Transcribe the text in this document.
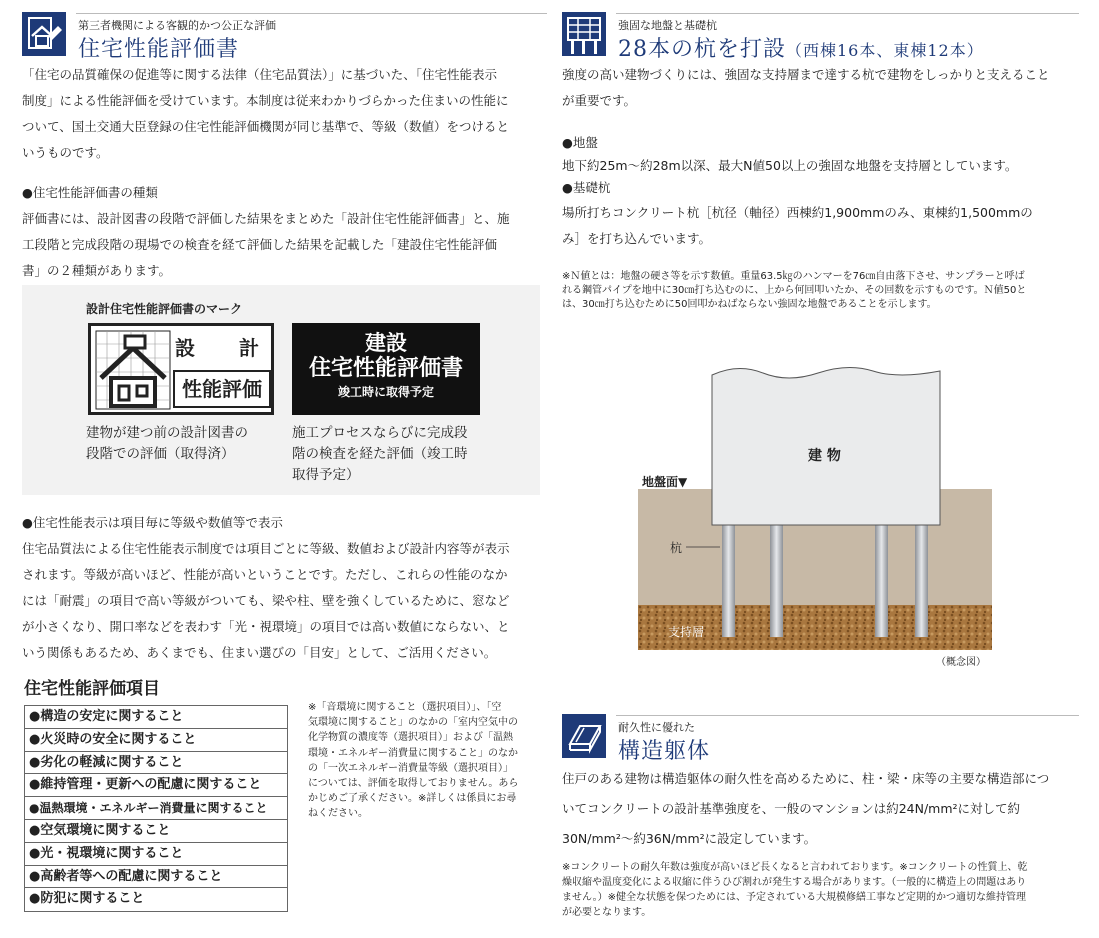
第三者機関による客観的かつ公正な評価
住宅性能評価書
「住宅の品質確保の促進等に関する法律（住宅品質法）」に基づいた、「住宅性能表示
制度」による性能評価を受けています。本制度は従来わかりづらかった住まいの性能に
ついて、国土交通大臣登録の住宅性能評価機関が同じ基準で、等級（数値）をつけると
いうものです。
●住宅性能評価書の種類
評価書には、設計図書の段階で評価した結果をまとめた「設計住宅性能評価書」と、施
工段階と完成段階の現場での検査を経て評価した結果を記載した「建設住宅性能評価
書」の２種類があります。
設計住宅性能評価書のマーク
設　計
性能評価
建設
住宅性能評価書
竣工時に取得予定
建物が建つ前の設計図書の
段階での評価（取得済）
施工プロセスならびに完成段
階の検査を経た評価（竣工時
取得予定）
●住宅性能表示は項目毎に等級や数値等で表示
住宅品質法による住宅性能表示制度では項目ごとに等級、数値および設計内容等が表示
されます。等級が高いほど、性能が高いということです。ただし、これらの性能のなか
には「耐震」の項目で高い等級がついても、梁や柱、壁を強くしているために、窓など
が小さくなり、開口率などを表わす「光・視環境」の項目では高い数値にならない、と
いう関係もあるため、あくまでも、住まい選びの「目安」として、ご活用ください。
住宅性能評価項目
●構造の安定に関すること
●火災時の安全に関すること
●劣化の軽減に関すること
●維持管理・更新への配慮に関すること
●温熱環境・エネルギー消費量に関すること
●空気環境に関すること
●光・視環境に関すること
●高齢者等への配慮に関すること
●防犯に関すること
※「音環境に関すること（選択項目）」、「空
気環境に関すること」のなかの「室内空気中の
化学物質の濃度等（選択項目）」および「温熱
環境・エネルギー消費量に関すること」のなか
の「一次エネルギー消費量等級（選択項目）」
については、評価を取得しておりません。あら
かじめご了承ください。※詳しくは係員にお尋
ねください。
強固な地盤と基礎杭
28本の杭を打設（西棟16本、東棟12本）
強度の高い建物づくりには、強固な支持層まで達する杭で建物をしっかりと支えること
が重要です。
●地盤
地下約25m～約28m以深、最大N値50以上の強固な地盤を支持層としています。
●基礎杭
場所打ちコンクリート杭［杭径（軸径）西棟約1,900mmのみ、東棟約1,500mmの
み］を打ち込んでいます。
※Ｎ値とは：地盤の硬さ等を示す数値。重量63.5㎏のハンマーを76㎝自由落下させ、サンプラーと呼ば
れる鋼管パイプを地中に30㎝打ち込むのに、上から何回叩いたか、その回数を示すものです。Ｎ値50と
は、30㎝打ち込むために50回叩かねばならない強固な地盤であることを示します。
建 物
地盤面▼
杭
支持層
（概念図）
耐久性に優れた
構造躯体
住戸のある建物は構造躯体の耐久性を高めるために、柱・梁・床等の主要な構造部につ
いてコンクリートの設計基準強度を、一般のマンションは約24N/mm²に対して約
30N/mm²～約36N/mm²に設定しています。
※コンクリートの耐久年数は強度が高いほど長くなると言われております。※コンクリートの性質上、乾
燥収縮や温度変化による収縮に伴うひび割れが発生する場合があります。（一般的に構造上の問題はあり
ません。）※健全な状態を保つためには、予定されている大規模修繕工事など定期的かつ適切な維持管理
が必要となります。
